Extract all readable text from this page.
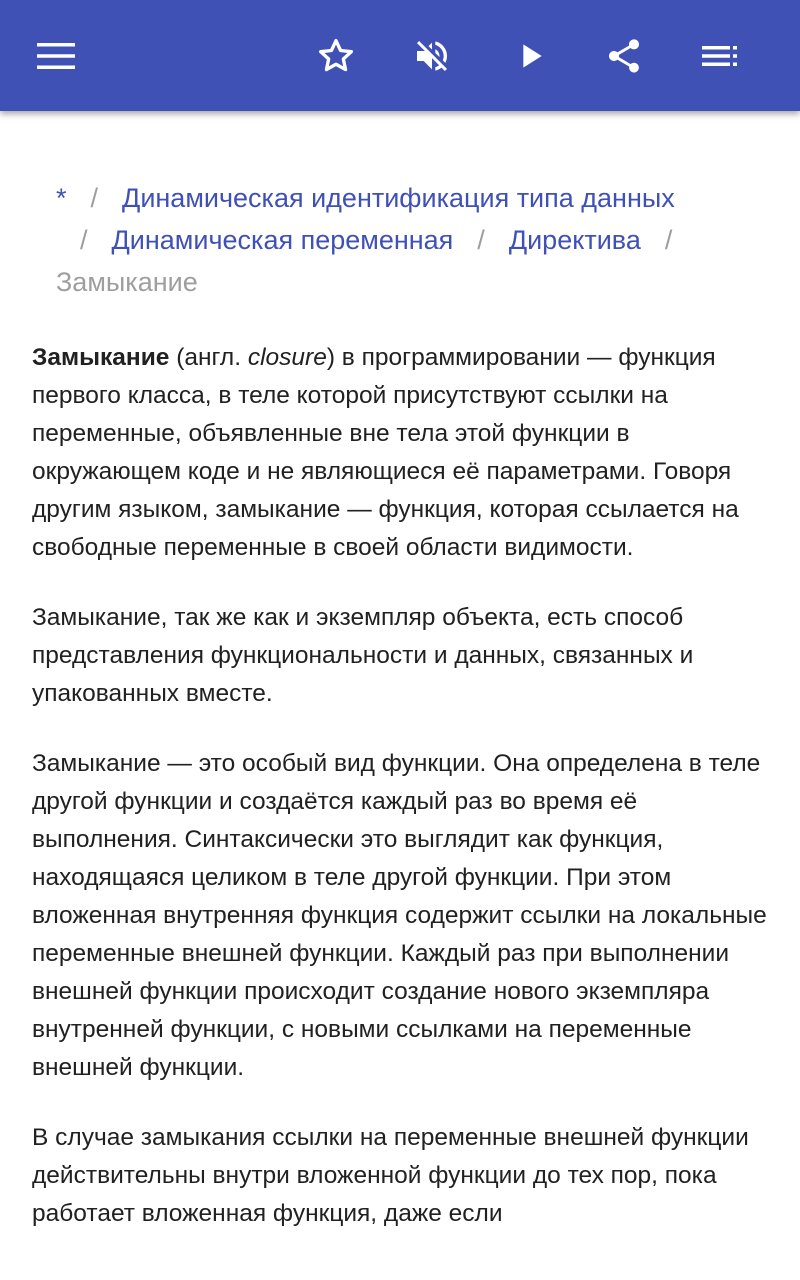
* / Динамическая идентификация типа данных
/ Динамическая переменная / Директива /
Замыкание

Замыкание (англ. closure) в программировании — функция первого класса, в теле которой присутствуют ссылки на переменные, объявленные вне тела этой функции в окружающем коде и не являющиеся её параметрами. Говоря другим языком, замыкание — функция, которая ссылается на свободные переменные в своей области видимости.

Замыкание, так же как и экземпляр объекта, есть способ представления функциональности и данных, связанных и упакованных вместе.

Замыкание — это особый вид функции. Она определена в теле другой функции и создаётся каждый раз во время её выполнения. Синтаксически это выглядит как функция, находящаяся целиком в теле другой функции. При этом вложенная внутренняя функция содержит ссылки на локальные переменные внешней функции. Каждый раз при выполнении внешней функции происходит создание нового экземпляра внутренней функции, с новыми ссылками на переменные внешней функции.

В случае замыкания ссылки на переменные внешней функции действительны внутри вложенной функции до тех пор, пока работает вложенная функция, даже если
